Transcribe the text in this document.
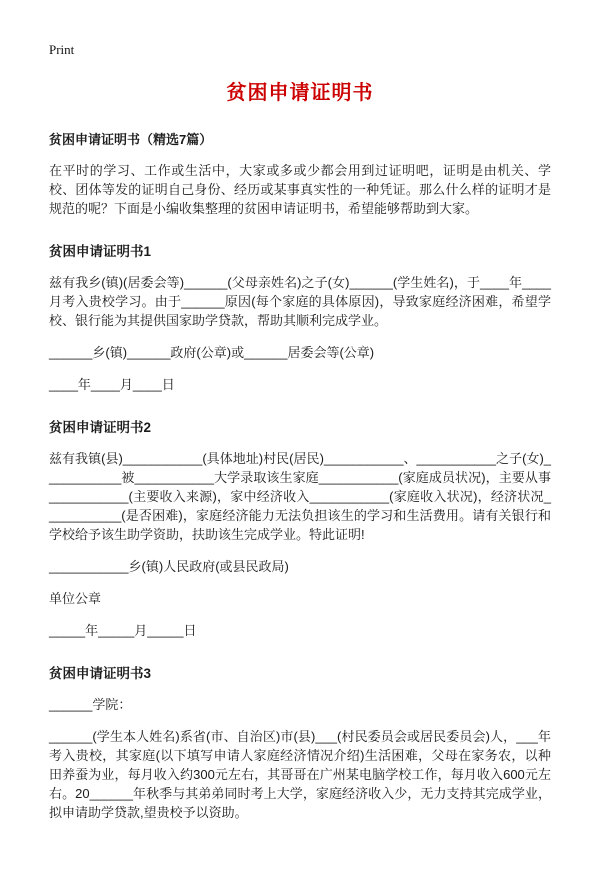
Print
贫困申请证明书

贫困申请证明书（精选7篇）

在平时的学习、工作或生活中，大家或多或少都会用到过证明吧，证明是由机关、学校、团体等发的证明自己身份、经历或某事真实性的一种凭证。那么什么样的证明才是规范的呢？下面是小编收集整理的贫困申请证明书，希望能够帮助到大家。

贫困申请证明书1

兹有我乡(镇)(居委会等)______(父母亲姓名)之子(女)______(学生姓名)，于____年____月考入贵校学习。由于______原因(每个家庭的具体原因)，导致家庭经济困难，希望学校、银行能为其提供国家助学贷款，帮助其顺利完成学业。

______乡(镇)______政府(公章)或______居委会等(公章)

____年____月____日

贫困申请证明书2

兹有我镇(县)___________(具体地址)村民(居民)___________、___________之子(女)___________被___________大学录取该生家庭___________(家庭成员状况)，主要从事___________(主要收入来源)，家中经济收入___________(家庭收入状况)，经济状况___________(是否困难)，家庭经济能力无法负担该生的学习和生活费用。请有关银行和学校给予该生助学资助，扶助该生完成学业。特此证明!

___________乡(镇)人民政府(或县民政局)

单位公章

_____年_____月_____日

贫困申请证明书3

______学院：

______(学生本人姓名)系省(市、自治区)市(县)___(村民委员会或居民委员会)人，___年考入贵校，其家庭(以下填写申请人家庭经济情况介绍)生活困难，父母在家务农，以种田养蚕为业，每月收入约300元左右，其哥哥在广州某电脑学校工作，每月收入600元左右。20______年秋季与其弟弟同时考上大学，家庭经济收入少，无力支持其完成学业，拟申请助学贷款,望贵校予以资助。
